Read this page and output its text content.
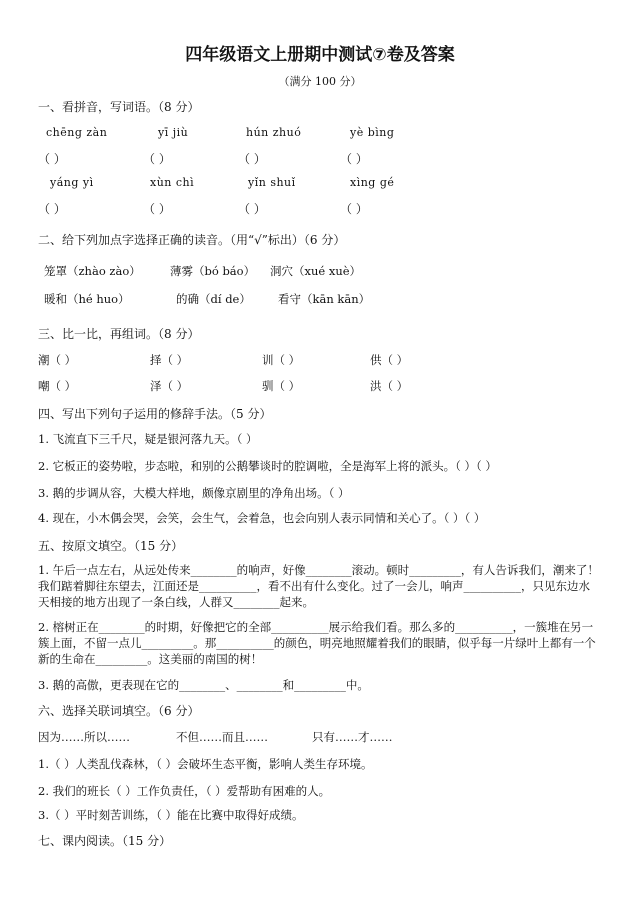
四年级语文上册期中测试⑦卷及答案
（满分 100 分）
一、看拼音，写词语。（8 分）
chēng zàn	yī jiù	hún zhuó	yè bìng
（ ）	（ ）	（ ）	（ ）
yáng yì	xùn chì	yǐn shuǐ	xìng gé
（ ）	（ ）	（ ）	（ ）
二、给下列加点字选择正确的读音。（用“√”标出）（6 分）
笼罩（zhào zào）	薄雾（bó báo） 洞穴（xué xuè）
暖和（hé huo）	的确（dí de） 看守（kān kān）
三、比一比，再组词。（8 分）
潮（ ）	择（ ）	训（ ）	供（ ）
嘲（ ）	泽（ ）	驯（ ）	洪（ ）
四、写出下列句子运用的修辞手法。（5 分）
1. 飞流直下三千尺，疑是银河落九天。（ ）
2. 它板正的姿势啦，步态啦，和别的公鹅攀谈时的腔调啦，全是海军上将的派头。（ ）（ ）
3. 鹅的步调从容，大模大样地，颇像京剧里的净角出场。（ ）
4. 现在，小木偶会哭，会笑，会生气，会着急，也会向别人表示同情和关心了。（ ）（ ）
五、按原文填空。（15 分）
1. 午后一点左右，从远处传来________的响声，好像________滚动。顿时_________，有人告诉我们，潮来了！
我们踮着脚往东望去，江面还是__________，看不出有什么变化。过了一会儿，响声__________，只见东边水
天相接的地方出现了一条白线，人群又________起来。
2. 榕树正在________的时期，好像把它的全部__________展示给我们看。那么多的__________，一簇堆在另一
簇上面，不留一点儿_________。那__________的颜色，明亮地照耀着我们的眼睛，似乎每一片绿叶上都有一个
新的生命在_________。这美丽的南国的树！
3. 鹅的高傲，更表现在它的________、________和_________中。
六、选择关联词填空。（6 分）
因为……所以……	不但……而且……	只有……才……
1.（ ）人类乱伐森林，（ ）会破坏生态平衡，影响人类生存环境。
2. 我们的班长（ ）工作负责任，（ ）爱帮助有困难的人。
3.（ ）平时刻苦训练，（ ）能在比赛中取得好成绩。
七、课内阅读。（15 分）
